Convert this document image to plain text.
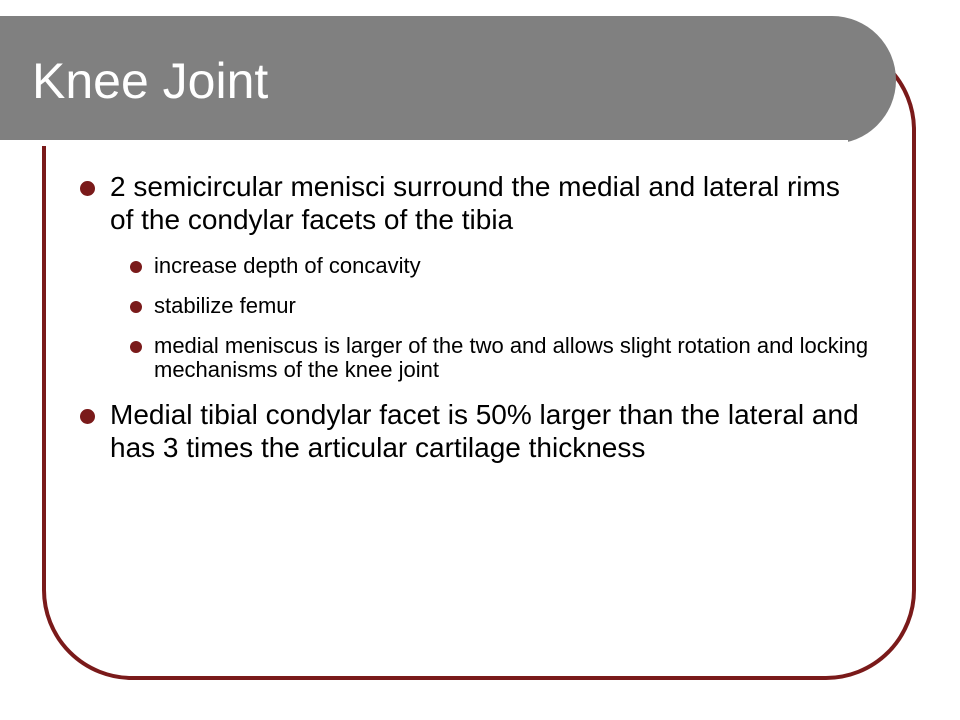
Knee Joint
2 semicircular menisci surround the medial and lateral rims of the condylar facets of the tibia
increase depth of concavity
stabilize femur
medial meniscus is larger of the two and allows slight rotation and locking mechanisms of the knee joint
Medial tibial condylar facet is 50% larger than the lateral and has 3 times the articular cartilage thickness
